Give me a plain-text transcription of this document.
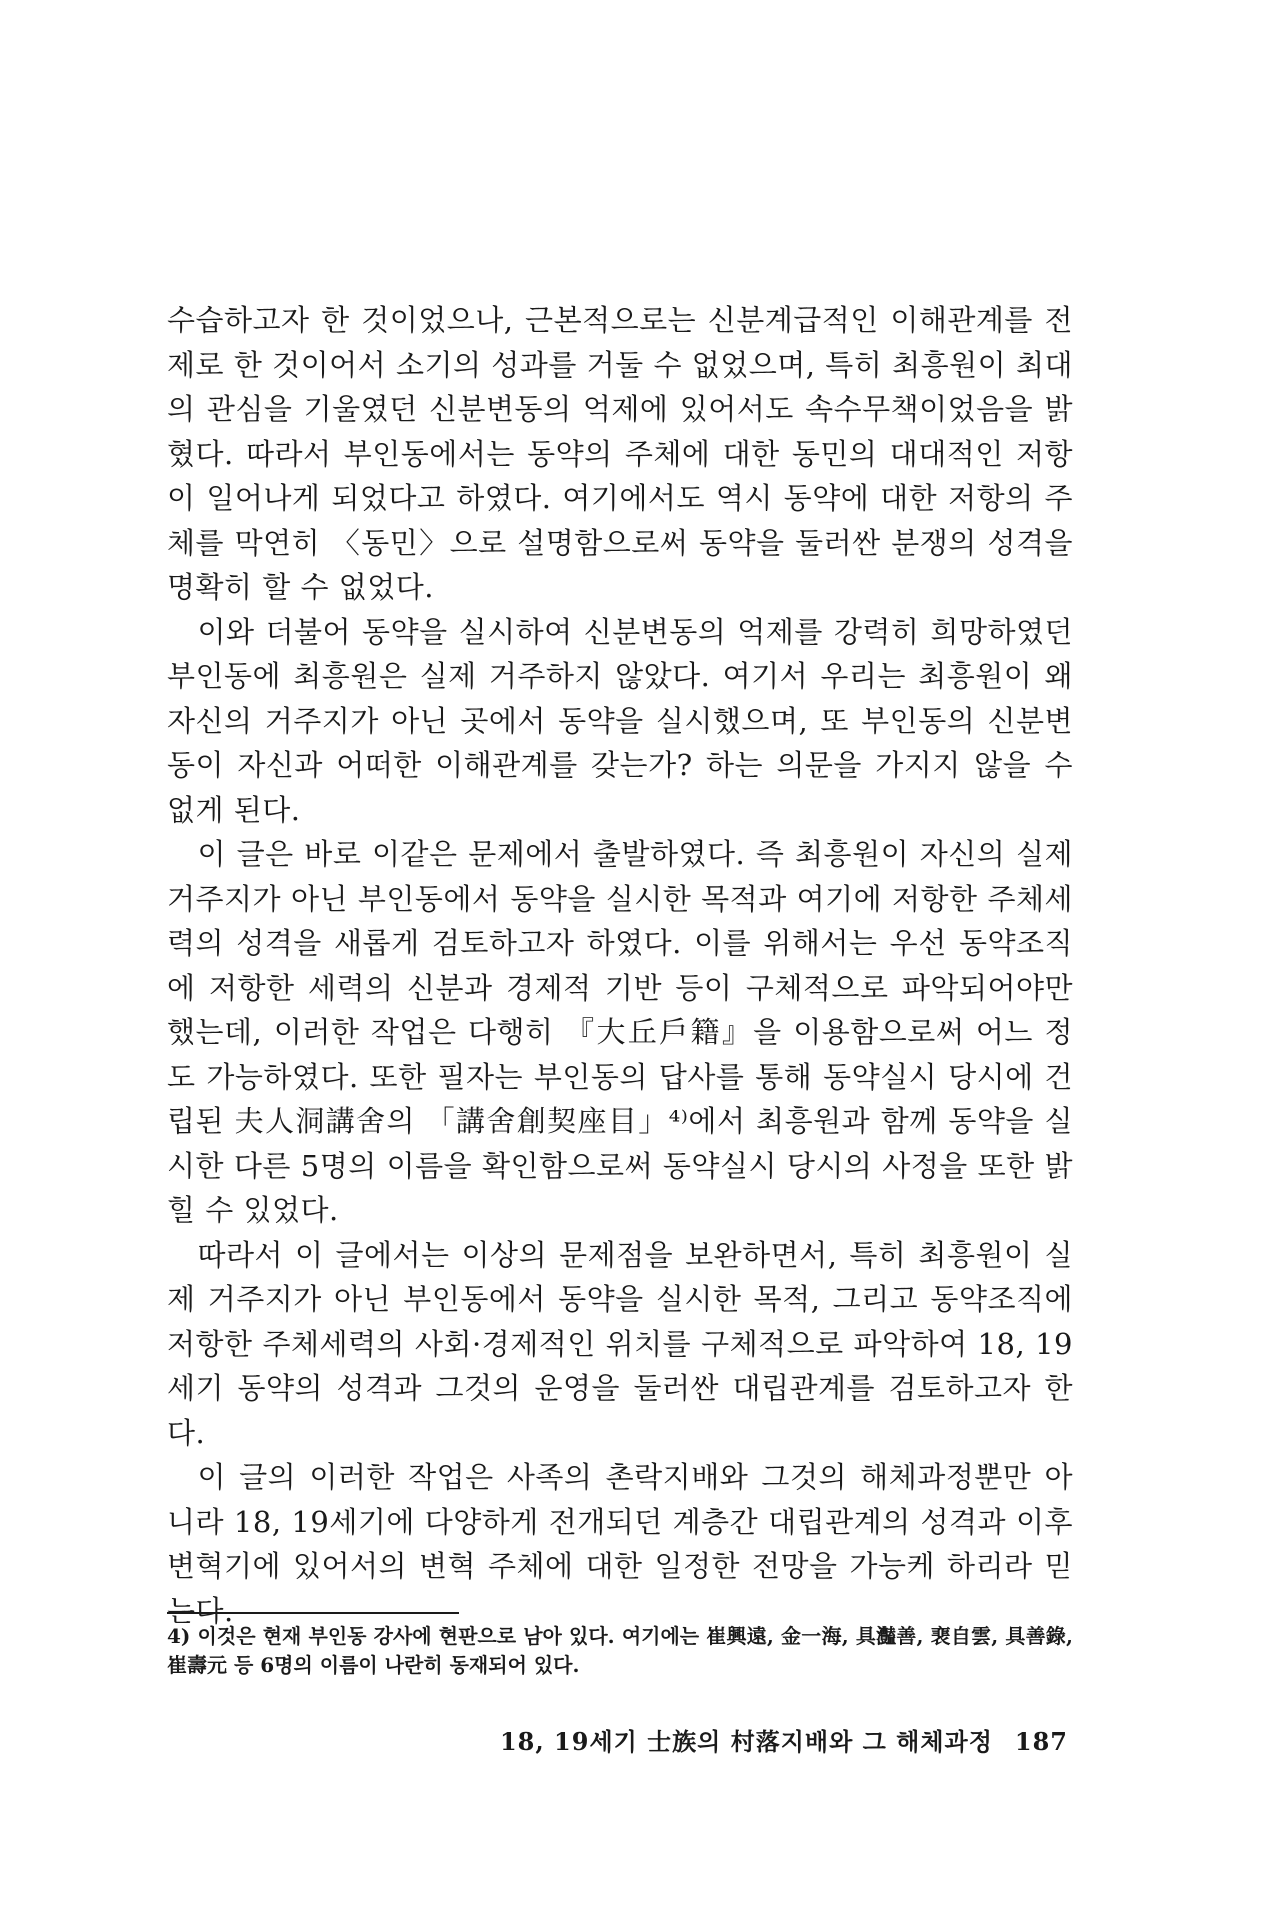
수습하고자 한 것이었으나, 근본적으로는 신분계급적인 이해관계를 전제로 한 것이어서 소기의 성과를 거둘 수 없었으며, 특히 최흥원이 최대의 관심을 기울였던 신분변동의 억제에 있어서도 속수무책이었음을 밝혔다. 따라서 부인동에서는 동약의 주체에 대한 동민의 대대적인 저항이 일어나게 되었다고 하였다. 여기에서도 역시 동약에 대한 저항의 주체를 막연히 〈동민〉으로 설명함으로써 동약을 둘러싼 분쟁의 성격을 명확히 할 수 없었다.

이와 더불어 동약을 실시하여 신분변동의 억제를 강력히 희망하였던 부인동에 최흥원은 실제 거주하지 않았다. 여기서 우리는 최흥원이 왜 자신의 거주지가 아닌 곳에서 동약을 실시했으며, 또 부인동의 신분변동이 자신과 어떠한 이해관계를 갖는가? 하는 의문을 가지지 않을 수 없게 된다.

이 글은 바로 이같은 문제에서 출발하였다. 즉 최흥원이 자신의 실제 거주지가 아닌 부인동에서 동약을 실시한 목적과 여기에 저항한 주체세력의 성격을 새롭게 검토하고자 하였다. 이를 위해서는 우선 동약조직에 저항한 세력의 신분과 경제적 기반 등이 구체적으로 파악되어야만 했는데, 이러한 작업은 다행히 『大丘戶籍』을 이용함으로써 어느 정도 가능하였다. 또한 필자는 부인동의 답사를 통해 동약실시 당시에 건립된 夫人洞講舍의 「講舍創契座目」⁴⁾에서 최흥원과 함께 동약을 실시한 다른 5명의 이름을 확인함으로써 동약실시 당시의 사정을 또한 밝힐 수 있었다.

따라서 이 글에서는 이상의 문제점을 보완하면서, 특히 최흥원이 실제 거주지가 아닌 부인동에서 동약을 실시한 목적, 그리고 동약조직에 저항한 주체세력의 사회·경제적인 위치를 구체적으로 파악하여 18, 19세기 동약의 성격과 그것의 운영을 둘러싼 대립관계를 검토하고자 한다.

이 글의 이러한 작업은 사족의 촌락지배와 그것의 해체과정뿐만 아니라 18, 19세기에 다양하게 전개되던 계층간 대립관계의 성격과 이후 변혁기에 있어서의 변혁 주체에 대한 일정한 전망을 가능케 하리라 믿는다.

4) 이것은 현재 부인동 강사에 현판으로 남아 있다. 여기에는 崔興遠, 金一海, 具灎善, 裵自雲, 具善錄, 崔壽元 등 6명의 이름이 나란히 동재되어 있다.
18, 19세기 士族의 村落지배와 그 해체과정 187
